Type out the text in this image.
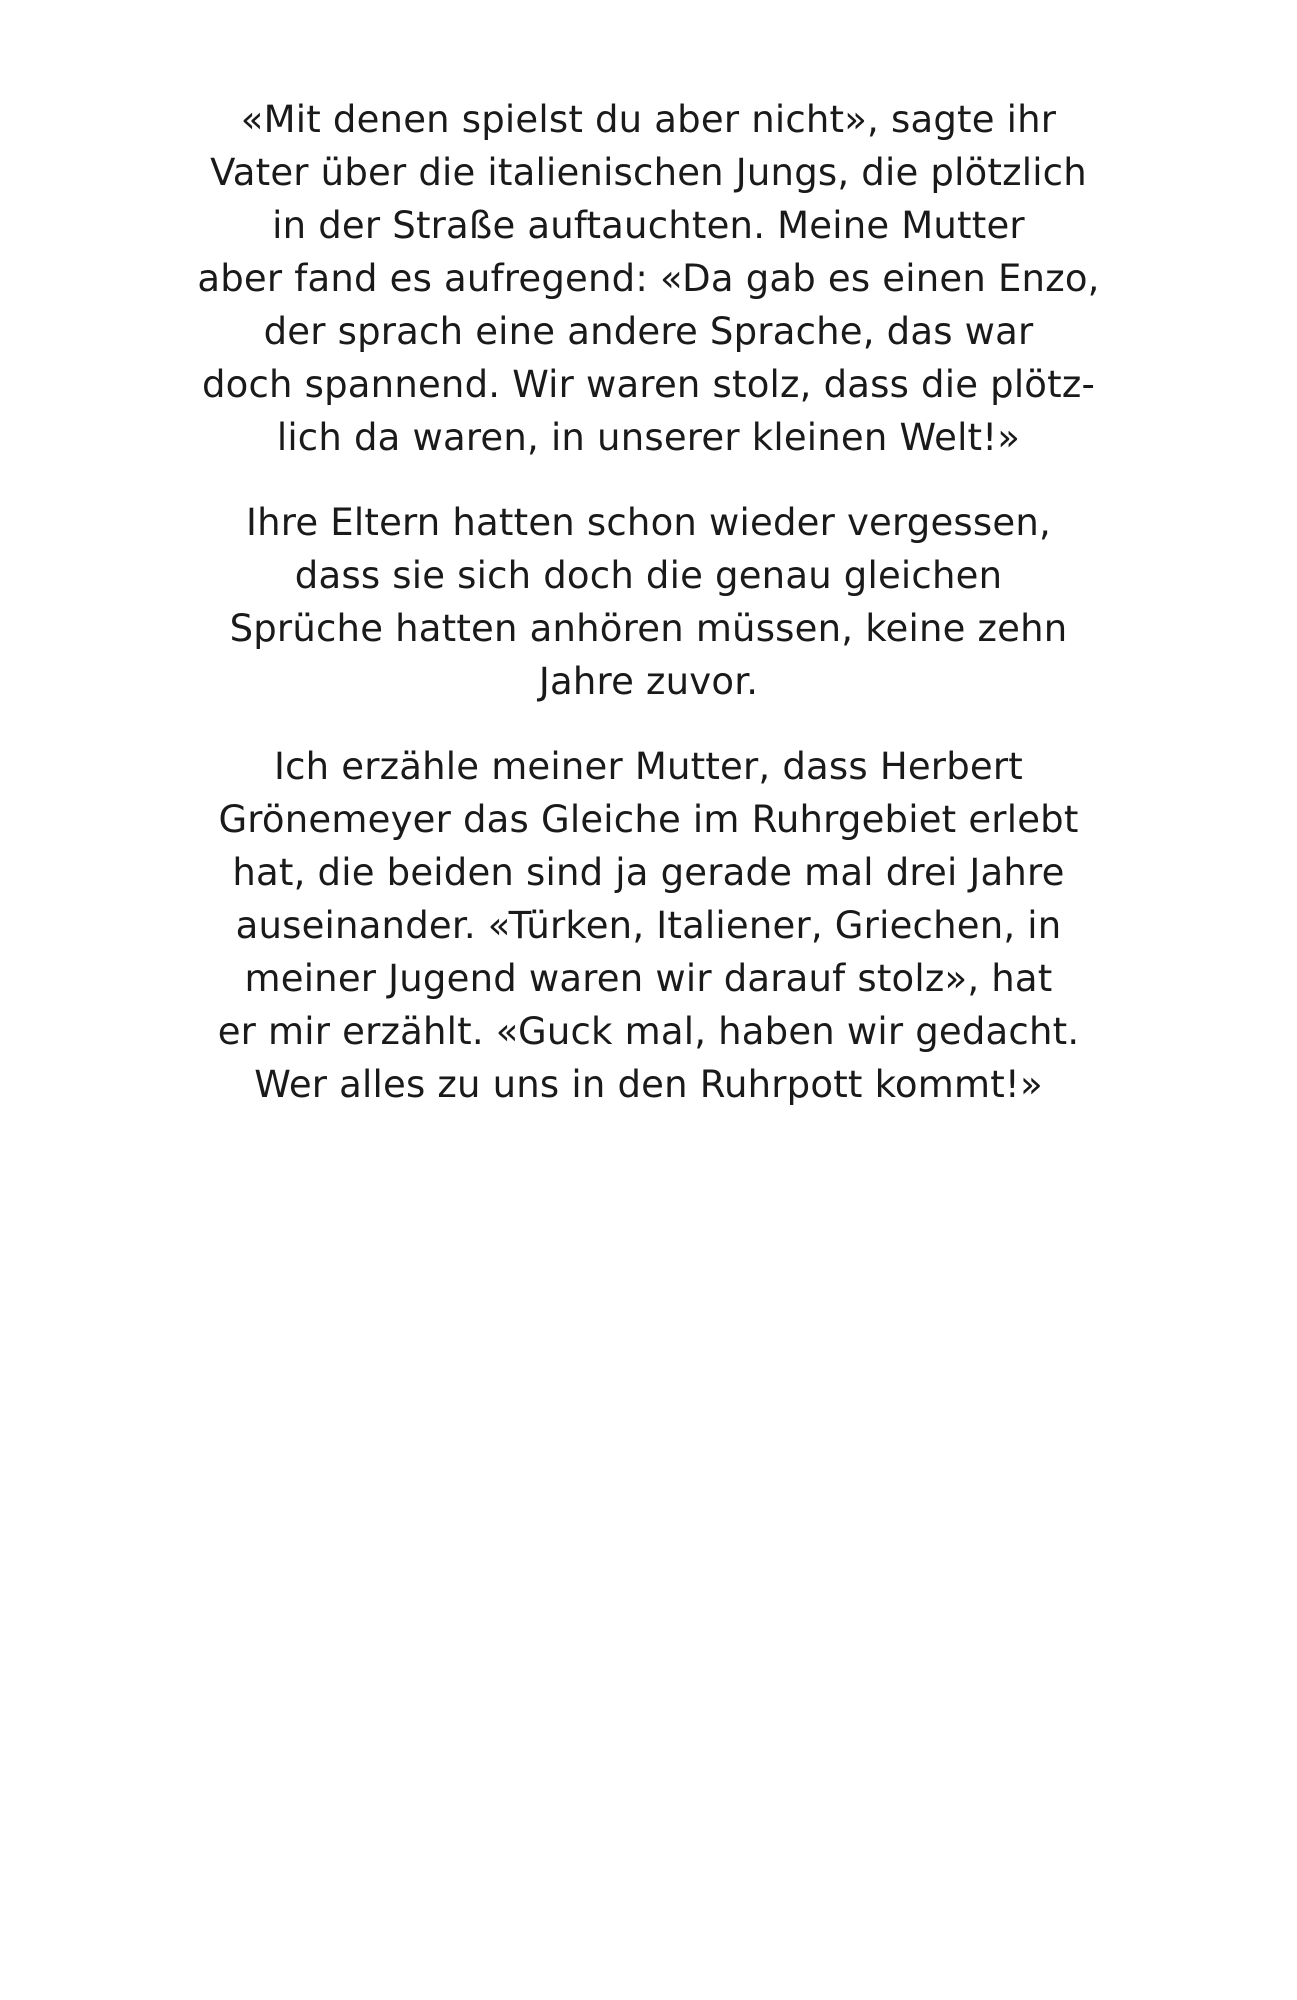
«Mit denen spielst du aber nicht», sagte ihr
Vater über die italienischen Jungs, die plötzlich
in der Straße auftauchten. Meine Mutter
aber fand es aufregend: «Da gab es einen Enzo,
der sprach eine andere Sprache, das war
doch spannend. Wir waren stolz, dass die plötz-
lich da waren, in unserer kleinen Welt!»

Ihre Eltern hatten schon wieder vergessen,
dass sie sich doch die genau gleichen
Sprüche hatten anhören müssen, keine zehn
Jahre zuvor.

Ich erzähle meiner Mutter, dass Herbert
Grönemeyer das Gleiche im Ruhrgebiet erlebt
hat, die beiden sind ja gerade mal drei Jahre
auseinander. «Türken, Italiener, Griechen, in
meiner Jugend waren wir darauf stolz», hat
er mir erzählt. «Guck mal, haben wir gedacht.
Wer alles zu uns in den Ruhrpott kommt!»
